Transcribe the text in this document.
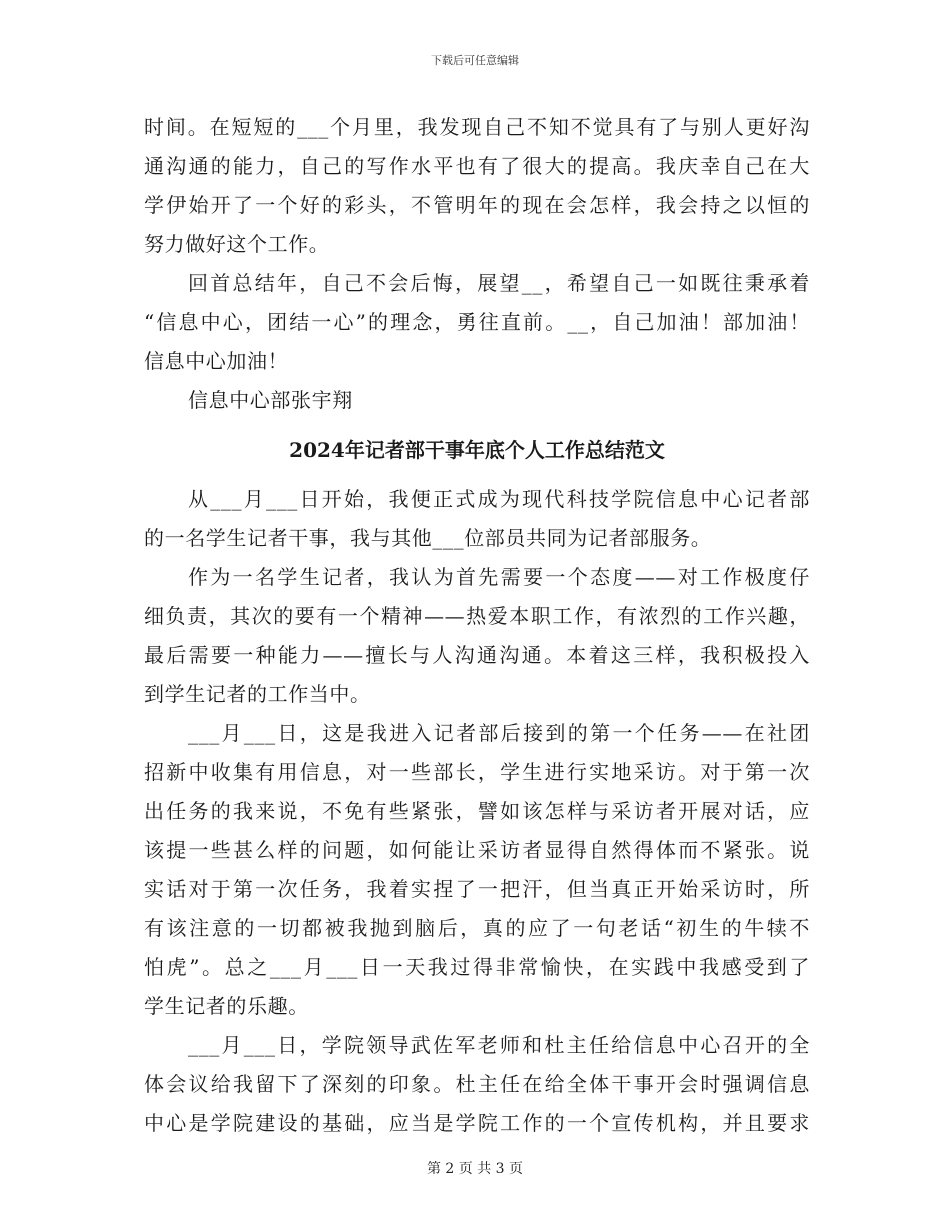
下载后可任意编辑
时间。在短短的___个月里，我发现自己不知不觉具有了与别人更好沟
通沟通的能力，自己的写作水平也有了很大的提高。我庆幸自己在大
学伊始开了一个好的彩头，不管明年的现在会怎样，我会持之以恒的
努力做好这个工作。
回首总结年，自己不会后悔，展望__，希望自己一如既往秉承着
“信息中心，团结一心”的理念，勇往直前。__，自己加油！部加油！
信息中心加油！
信息中心部张宇翔
2024年记者部干事年底个人工作总结范文
从___月___日开始，我便正式成为现代科技学院信息中心记者部
的一名学生记者干事，我与其他___位部员共同为记者部服务。
作为一名学生记者，我认为首先需要一个态度——对工作极度仔
细负责，其次的要有一个精神——热爱本职工作，有浓烈的工作兴趣，
最后需要一种能力——擅长与人沟通沟通。本着这三样，我积极投入
到学生记者的工作当中。
___月___日，这是我进入记者部后接到的第一个任务——在社团
招新中收集有用信息，对一些部长，学生进行实地采访。对于第一次
出任务的我来说，不免有些紧张，譬如该怎样与采访者开展对话，应
该提一些甚么样的问题，如何能让采访者显得自然得体而不紧张。说
实话对于第一次任务，我着实捏了一把汗，但当真正开始采访时，所
有该注意的一切都被我抛到脑后，真的应了一句老话“初生的牛犊不
怕虎”。总之___月___日一天我过得非常愉快，在实践中我感受到了
学生记者的乐趣。
___月___日，学院领导武佐军老师和杜主任给信息中心召开的全
体会议给我留下了深刻的印象。杜主任在给全体干事开会时强调信息
中心是学院建设的基础，应当是学院工作的一个宣传机构，并且要求
第 2 页 共 3 页
